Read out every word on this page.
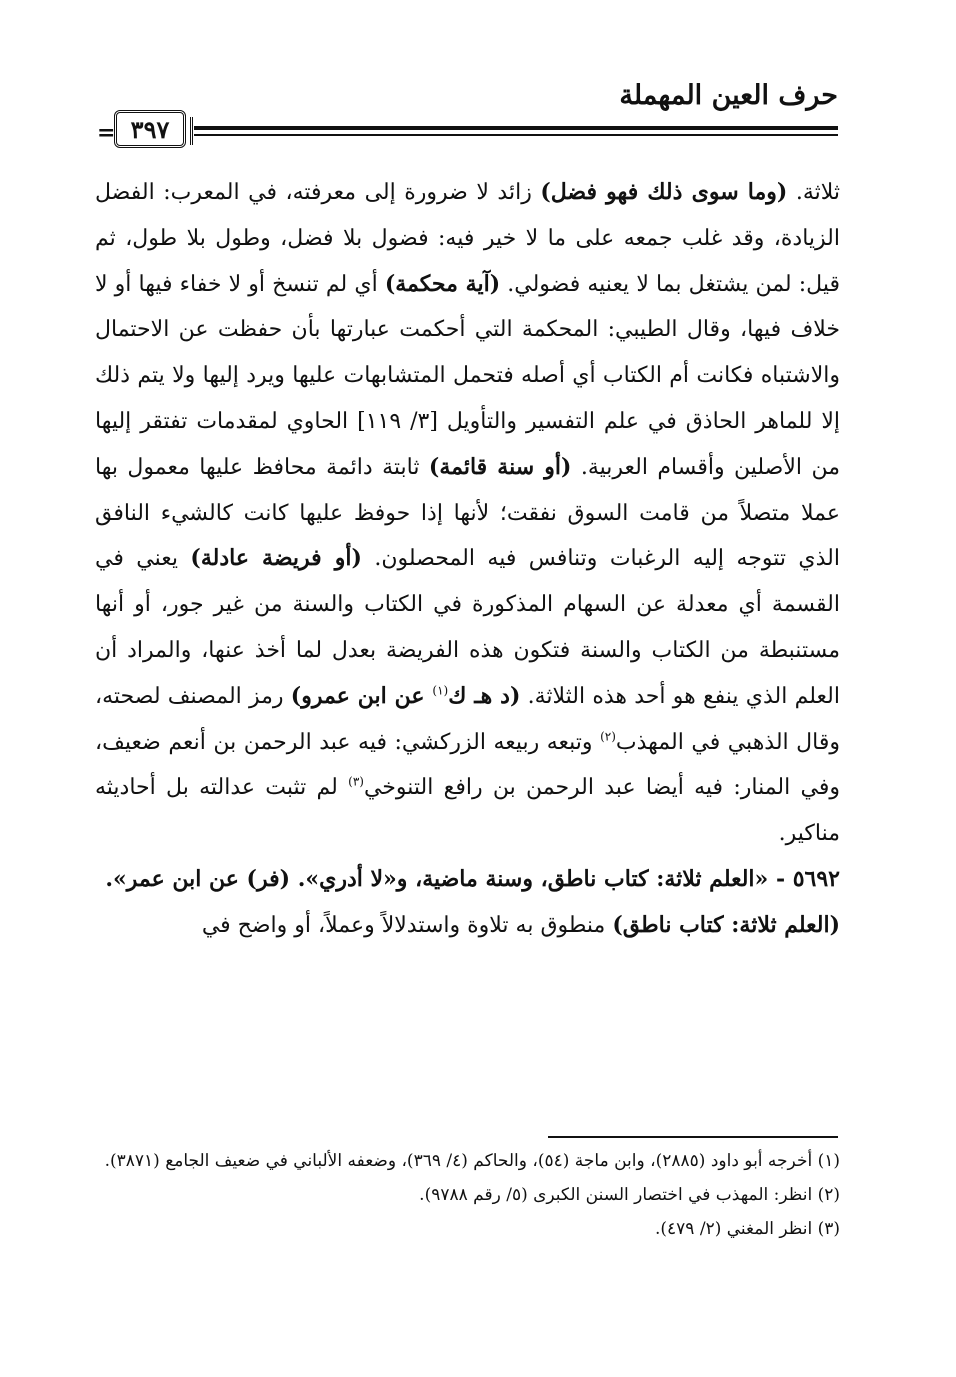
حرف العين المهملة
٣٩٧
=

ثلاثة. (وما سوى ذلك فهو فضل) زائد لا ضرورة إلى معرفته، في المعرب: الفضل الزيادة، وقد غلب جمعه على ما لا خير فيه: فضول بلا فضل، وطول بلا طول، ثم قيل: لمن يشتغل بما لا يعنيه فضولي. (آية محكمة) أي لم تنسخ أو لا خفاء فيها أو لا خلاف فيها، وقال الطيبي: المحكمة التي أحكمت عبارتها بأن حفظت عن الاحتمال والاشتباه فكانت أم الكتاب أي أصله فتحمل المتشابهات عليها ويرد إليها ولا يتم ذلك إلا للماهر الحاذق في علم التفسير والتأويل [٣/ ١١٩] الحاوي لمقدمات تفتقر إليها من الأصلين وأقسام العربية. (أو سنة قائمة) ثابتة دائمة محافظ عليها معمول بها عملا متصلاً من قامت السوق نفقت؛ لأنها إذا حوفظ عليها كانت كالشيء النافق الذي تتوجه إليه الرغبات وتنافس فيه المحصلون. (أو فريضة عادلة) يعني في القسمة أي معدلة عن السهام المذكورة في الكتاب والسنة من غير جور، أو أنها مستنبطة من الكتاب والسنة فتكون هذه الفريضة بعدل لما أخذ عنها، والمراد أن العلم الذي ينفع هو أحد هذه الثلاثة. (د هـ ك$^{(١)}$ عن ابن عمرو) رمز المصنف لصحته، وقال الذهبي في المهذب$^{(٢)}$ وتبعه ربيعه الزركشي: فيه عبد الرحمن بن أنعم ضعيف، وفي المنار: فيه أيضا عبد الرحمن بن رافع التنوخي$^{(٣)}$ لم تثبت عدالته بل أحاديثه مناكير.

٥٦٩٢ - «العلم ثلاثة: كتاب ناطق، وسنة ماضية، و«لا أدري». (فر) عن ابن عمر».

(العلم ثلاثة: كتاب ناطق) منطوق به تلاوة واستدلالاً وعملاً، أو واضح في

(١) أخرجه أبو داود (٢٨٨٥)، وابن ماجة (٥٤)، والحاكم (٤/ ٣٦٩)، وضعفه الألباني في ضعيف الجامع (٣٨٧١).

(٢) انظر: المهذب في اختصار السنن الكبرى (٥/ رقم ٩٧٨٨).

(٣) انظر المغني (٢/ ٤٧٩).
